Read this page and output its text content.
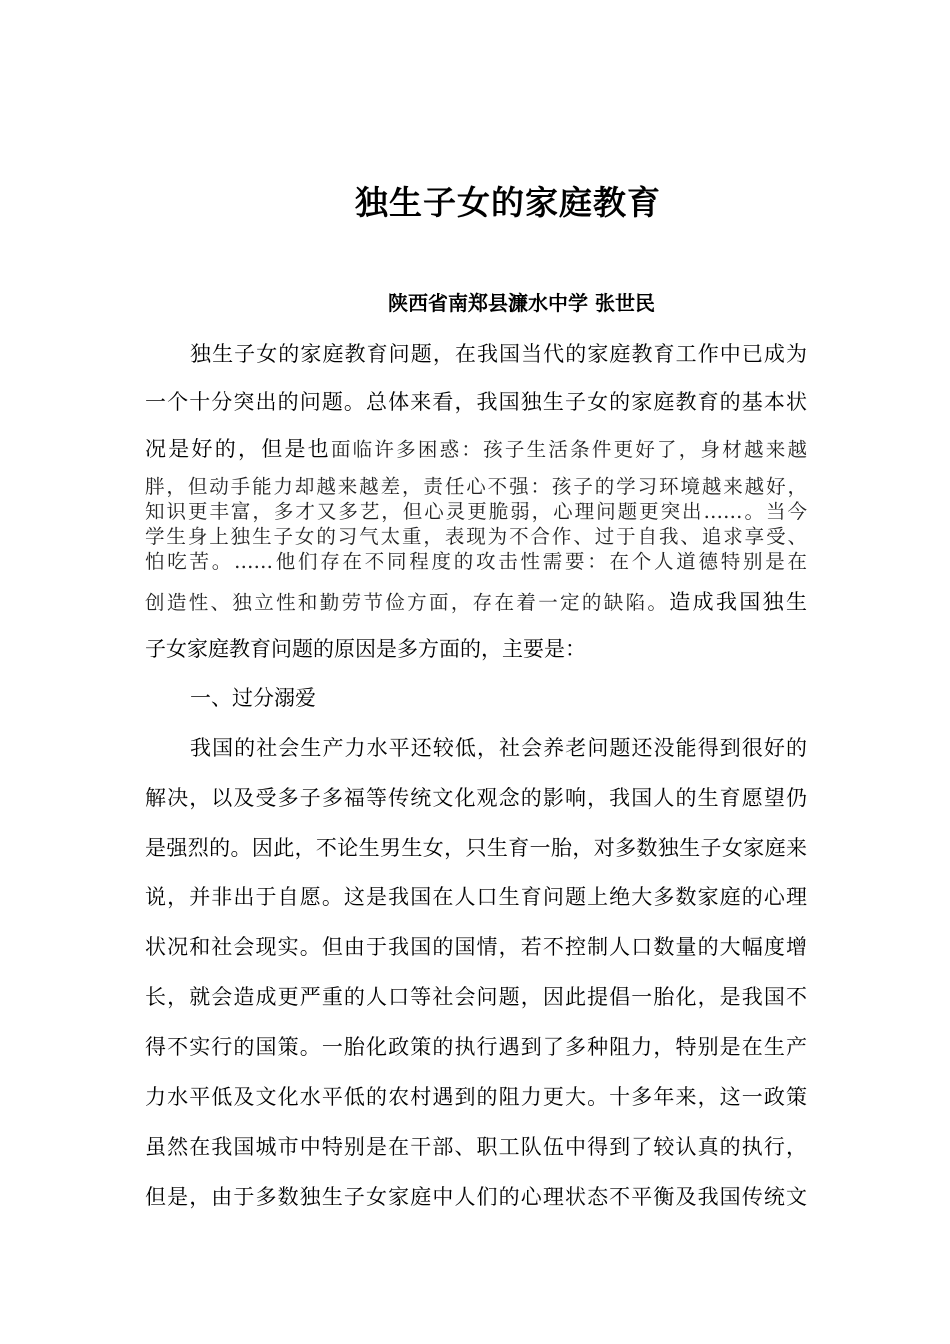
独生子女的家庭教育
陕西省南郑县濂水中学 张世民
独生子女的家庭教育问题，在我国当代的家庭教育工作中已成为
一个十分突出的问题。总体来看，我国独生子女的家庭教育的基本状
况是好的，但是也面临许多困惑：孩子生活条件更好了，身材越来越
胖，但动手能力却越来越差，责任心不强：孩子的学习环境越来越好，
知识更丰富，多才又多艺，但心灵更脆弱，心理问题更突出……。当今
学生身上独生子女的习气太重，表现为不合作、过于自我、追求享受、
怕吃苦。……他们存在不同程度的攻击性需要：在个人道德特别是在
创造性、独立性和勤劳节俭方面，存在着一定的缺陷。造成我国独生
子女家庭教育问题的原因是多方面的，主要是：
一、过分溺爱
我国的社会生产力水平还较低，社会养老问题还没能得到很好的
解决，以及受多子多福等传统文化观念的影响，我国人的生育愿望仍
是强烈的。因此，不论生男生女，只生育一胎，对多数独生子女家庭来
说，并非出于自愿。这是我国在人口生育问题上绝大多数家庭的心理
状况和社会现实。但由于我国的国情，若不控制人口数量的大幅度增
长，就会造成更严重的人口等社会问题，因此提倡一胎化，是我国不
得不实行的国策。一胎化政策的执行遇到了多种阻力，特别是在生产
力水平低及文化水平低的农村遇到的阻力更大。十多年来，这一政策
虽然在我国城市中特别是在干部、职工队伍中得到了较认真的执行，
但是，由于多数独生子女家庭中人们的心理状态不平衡及我国传统文
